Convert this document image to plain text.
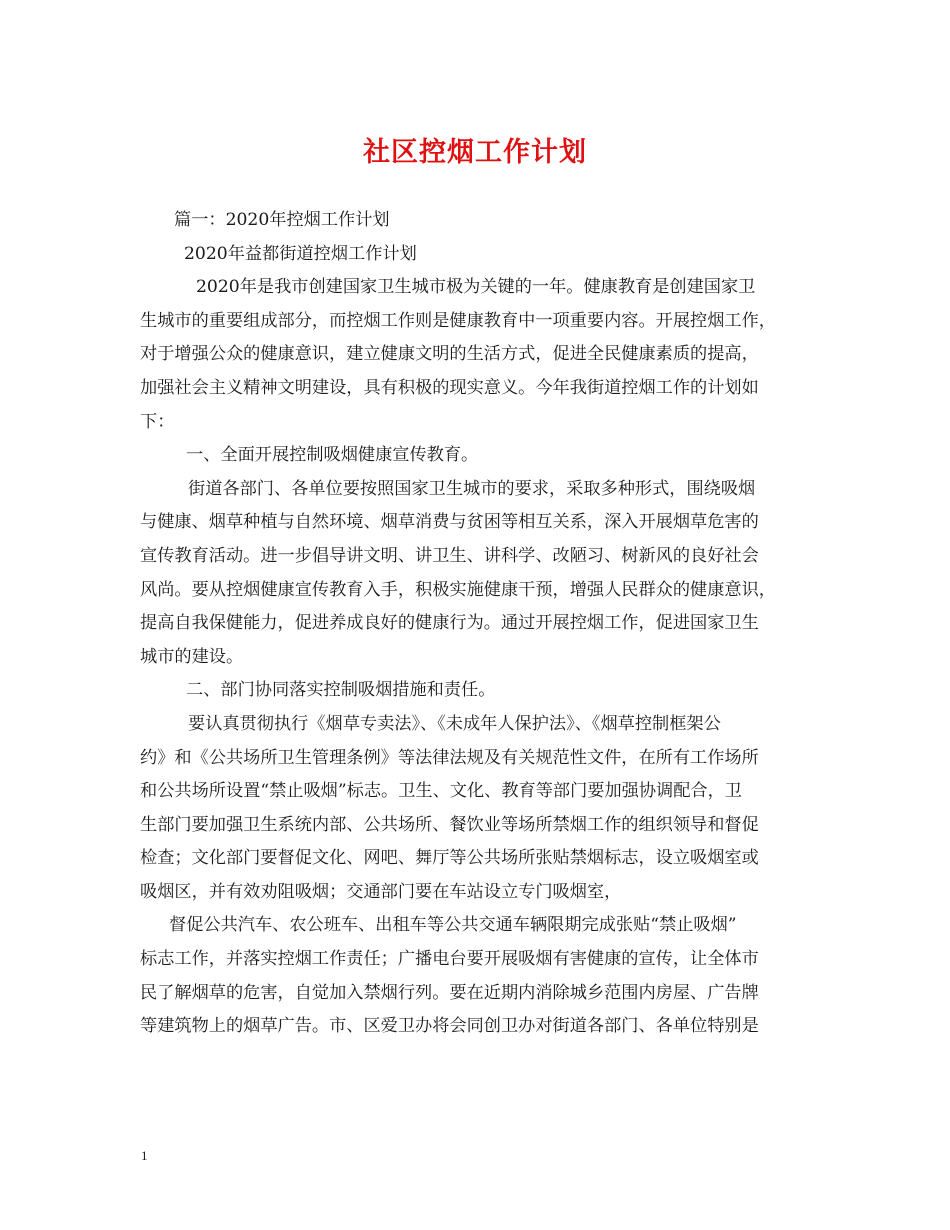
社区控烟工作计划
篇一：2020年控烟工作计划
2020年益都街道控烟工作计划
2020年是我市创建国家卫生城市极为关键的一年。健康教育是创建国家卫
生城市的重要组成部分，而控烟工作则是健康教育中一项重要内容。开展控烟工作，
对于增强公众的健康意识，建立健康文明的生活方式，促进全民健康素质的提高，
加强社会主义精神文明建设，具有积极的现实意义。今年我街道控烟工作的计划如
下：
一、全面开展控制吸烟健康宣传教育。
街道各部门、各单位要按照国家卫生城市的要求，采取多种形式，围绕吸烟
与健康、烟草种植与自然环境、烟草消费与贫困等相互关系，深入开展烟草危害的
宣传教育活动。进一步倡导讲文明、讲卫生、讲科学、改陋习、树新风的良好社会
风尚。要从控烟健康宣传教育入手，积极实施健康干预，增强人民群众的健康意识，
提高自我保健能力，促进养成良好的健康行为。通过开展控烟工作，促进国家卫生
城市的建设。
二、部门协同落实控制吸烟措施和责任。
要认真贯彻执行《烟草专卖法》、《未成年人保护法》、《烟草控制框架公
约》和《公共场所卫生管理条例》等法律法规及有关规范性文件，在所有工作场所
和公共场所设置“禁止吸烟”标志。卫生、文化、教育等部门要加强协调配合，卫
生部门要加强卫生系统内部、公共场所、餐饮业等场所禁烟工作的组织领导和督促
检查；文化部门要督促文化、网吧、舞厅等公共场所张贴禁烟标志，设立吸烟室或
吸烟区，并有效劝阻吸烟；交通部门要在车站设立专门吸烟室，
督促公共汽车、农公班车、出租车等公共交通车辆限期完成张贴“禁止吸烟”
标志工作，并落实控烟工作责任；广播电台要开展吸烟有害健康的宣传，让全体市
民了解烟草的危害，自觉加入禁烟行列。要在近期内消除城乡范围内房屋、广告牌
等建筑物上的烟草广告。市、区爱卫办将会同创卫办对街道各部门、各单位特别是
1
